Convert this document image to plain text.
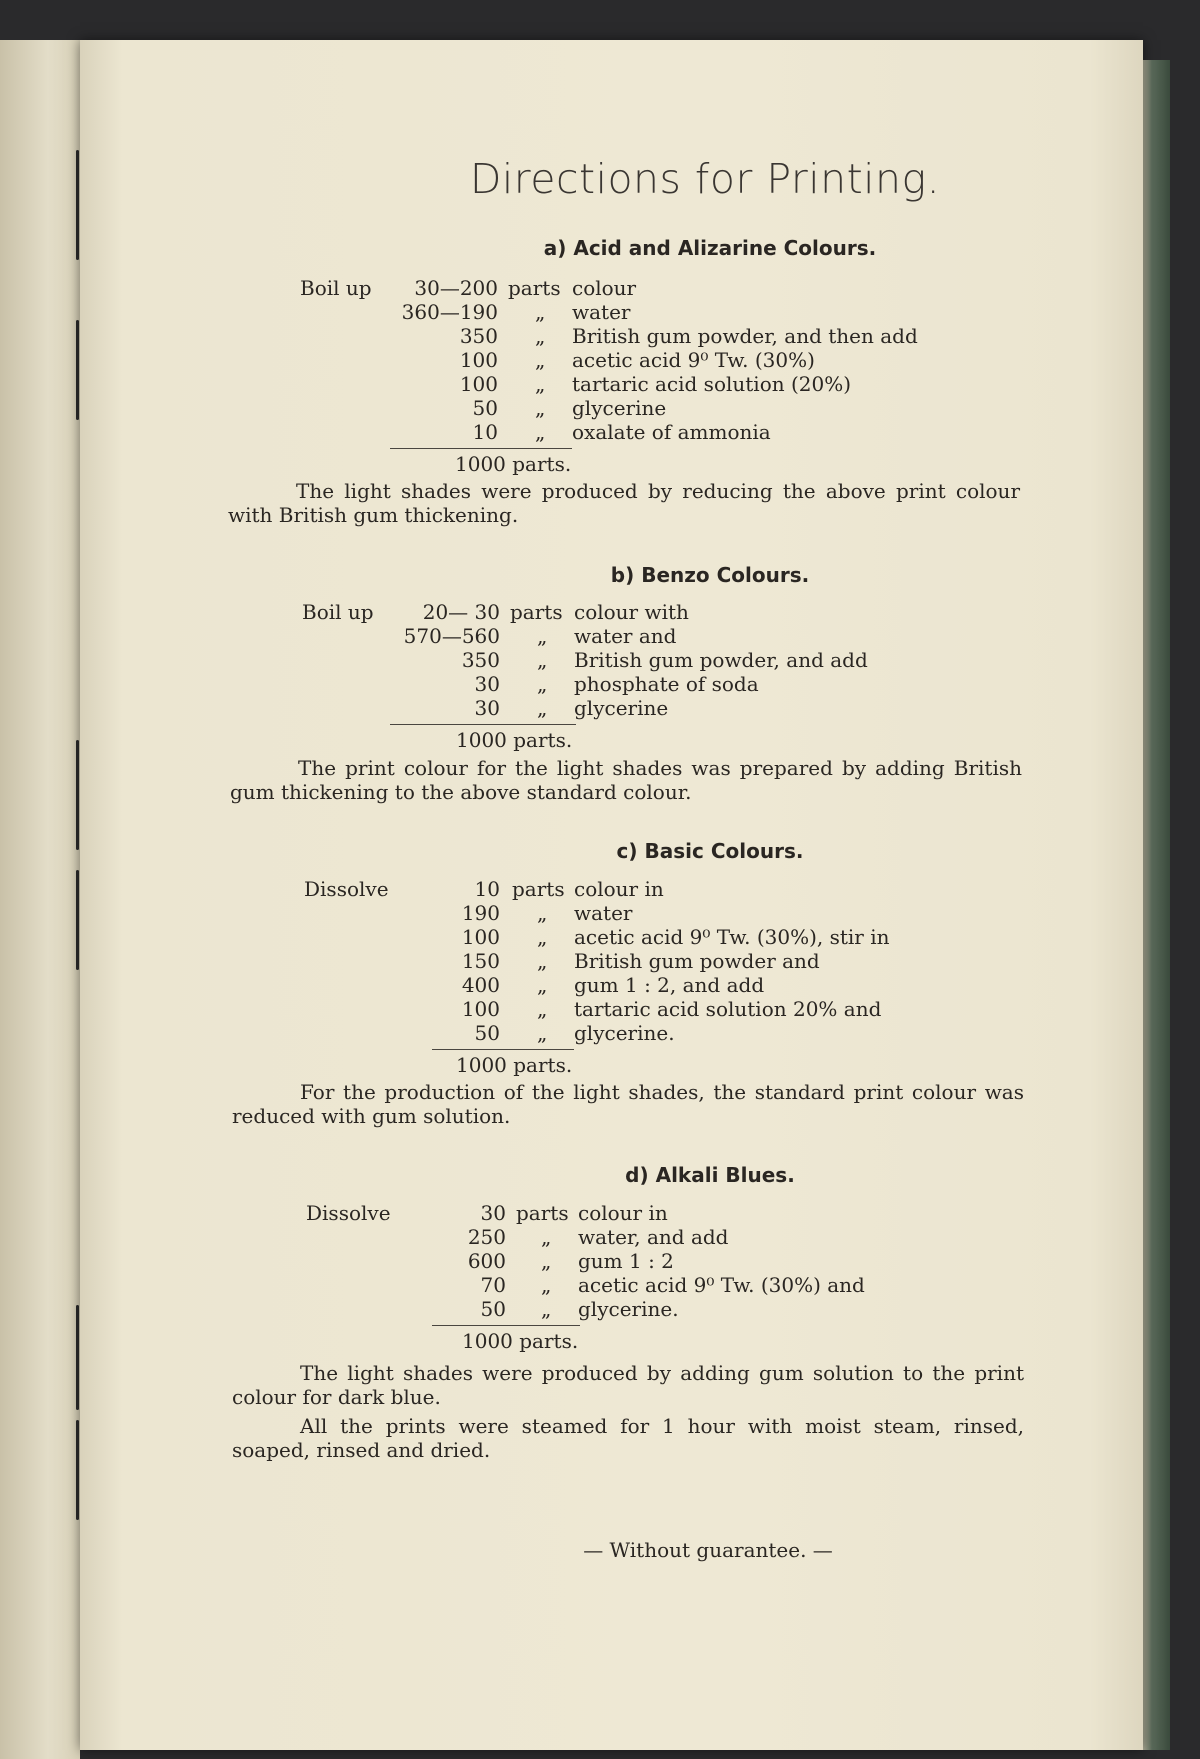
Directions for Printing.
a) Acid and Alizarine Colours.
Boil up	30—200 parts colour
360—190 „ water
350 „ British gum powder, and then add
100 „ acetic acid 9⁰ Tw. (30%)
100 „ tartaric acid solution (20%)
50 „ glycerine
10 „ oxalate of ammonia
1000 parts.

The light shades were produced by reducing the above print colour with British gum thickening.

b) Benzo Colours.
Boil up	20— 30 parts colour with
570—560 „ water and
350 „ British gum powder, and add
30 „ phosphate of soda
30 „ glycerine
1000 parts.

The print colour for the light shades was prepared by adding British gum thickening to the above standard colour.

c) Basic Colours.
Dissolve	10 parts colour in
190 „ water
100 „ acetic acid 9⁰ Tw. (30%), stir in
150 „ British gum powder and
400 „ gum 1 : 2, and add
100 „ tartaric acid solution 20% and
50 „ glycerine.
1000 parts.

For the production of the light shades, the standard print colour was reduced with gum solution.

d) Alkali Blues.
Dissolve	30 parts colour in
250 „ water, and add
600 „ gum 1 : 2
70 „ acetic acid 9⁰ Tw. (30%) and
50 „ glycerine.
1000 parts.

The light shades were produced by adding gum solution to the print colour for dark blue.

All the prints were steamed for 1 hour with moist steam, rinsed, soaped, rinsed and dried.

— Without guarantee. —
